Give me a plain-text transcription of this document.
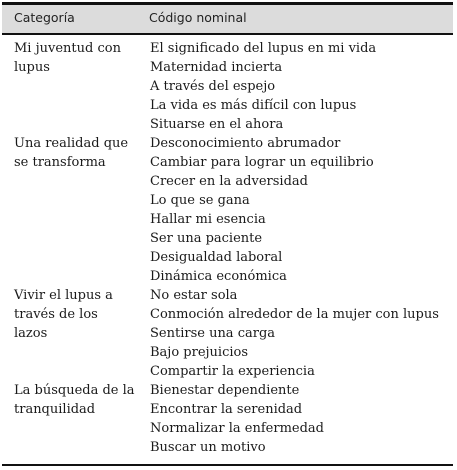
Categoría	Código nominal
Mi juventud con lupus
El significado del lupus en mi vida
Maternidad incierta
A través del espejo
La vida es más difícil con lupus
Situarse en el ahora
Una realidad que se transforma
Desconocimiento abrumador
Cambiar para lograr un equilibrio
Crecer en la adversidad
Lo que se gana
Hallar mi esencia
Ser una paciente
Desigualdad laboral
Dinámica económica
Vivir el lupus a través de los lazos
No estar sola
Conmoción alrededor de la mujer con lupus
Sentirse una carga
Bajo prejuicios
Compartir la experiencia
La búsqueda de la tranquilidad
Bienestar dependiente
Encontrar la serenidad
Normalizar la enfermedad
Buscar un motivo
